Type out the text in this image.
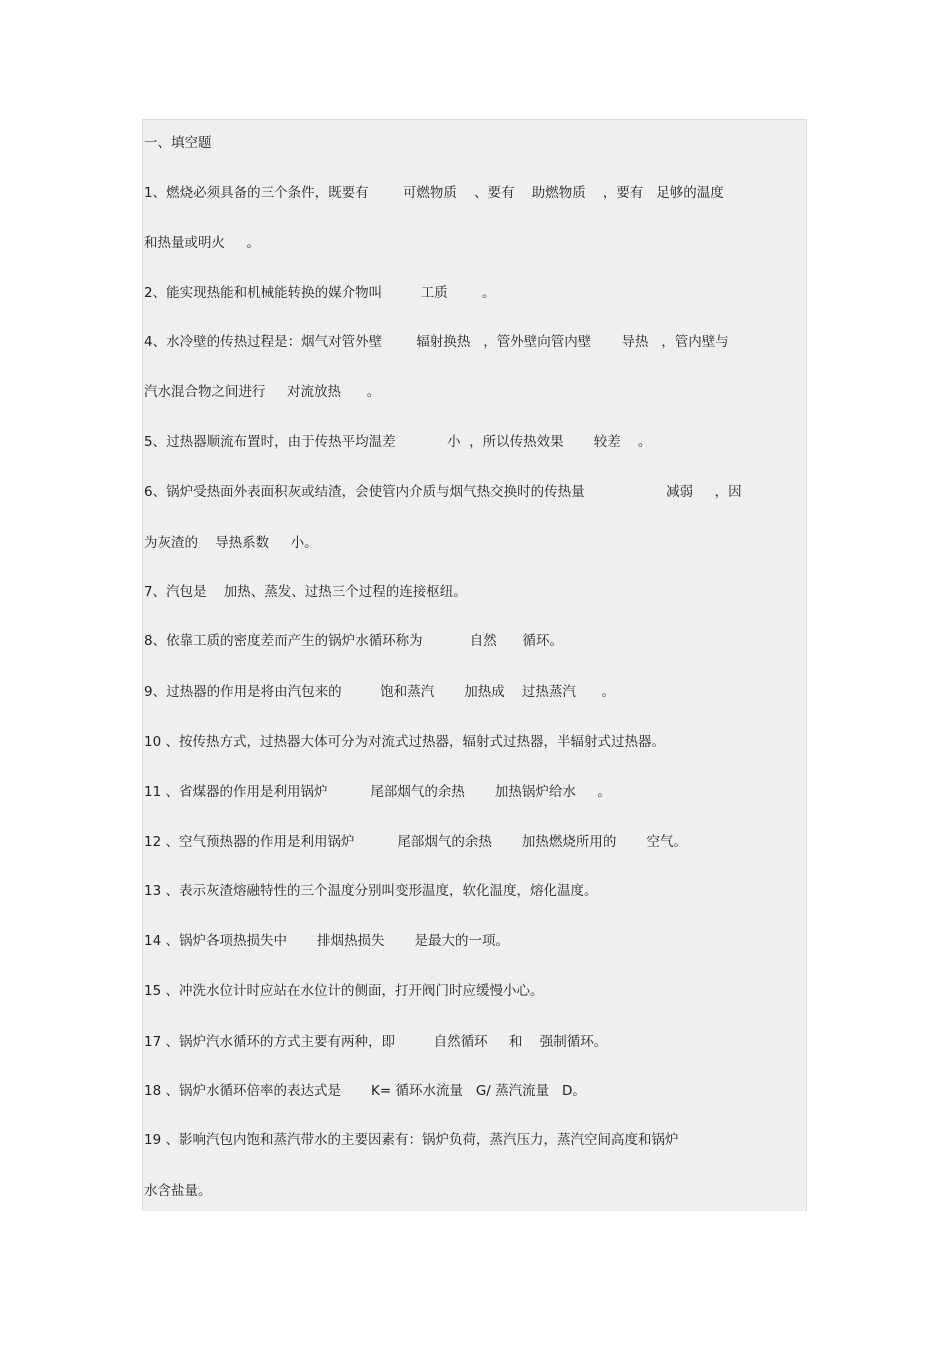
一、填空题
1、燃烧必须具备的三个条件，既要有        可燃物质    、要有    助燃物质    ，要有   足够的温度
和热量或明火     。
2、能实现热能和机械能转换的媒介物叫         工质        。
4、水冷壁的传热过程是：烟气对管外壁        辐射换热   ，管外壁向管内壁       导热   ，管内壁与
汽水混合物之间进行     对流放热      。
5、过热器顺流布置时，由于传热平均温差            小  ，所以传热效果       较差    。
6、锅炉受热面外表面积灰或结渣，会使管内介质与烟气热交换时的传热量                   减弱     ，因
为灰渣的    导热系数     小。
7、汽包是    加热、蒸发、过热三个过程的连接枢纽。
8、依靠工质的密度差而产生的锅炉水循环称为           自然      循环。
9、过热器的作用是将由汽包来的         饱和蒸汽       加热成    过热蒸汽      。
10 、按传热方式，过热器大体可分为对流式过热器，辐射式过热器，半辐射式过热器。
11 、省煤器的作用是利用锅炉          尾部烟气的余热       加热锅炉给水     。
12 、空气预热器的作用是利用锅炉          尾部烟气的余热       加热燃烧所用的       空气。
13 、表示灰渣熔融特性的三个温度分别叫变形温度，软化温度，熔化温度。
14 、锅炉各项热损失中       排烟热损失       是最大的一项。
15 、冲洗水位计时应站在水位计的侧面，打开阀门时应缓慢小心。
17 、锅炉汽水循环的方式主要有两种，即         自然循环     和    强制循环。
18 、锅炉水循环倍率的表达式是       K= 循环水流量   G/ 蒸汽流量   D。
19 、影响汽包内饱和蒸汽带水的主要因素有：锅炉负荷，蒸汽压力，蒸汽空间高度和锅炉
水含盐量。
